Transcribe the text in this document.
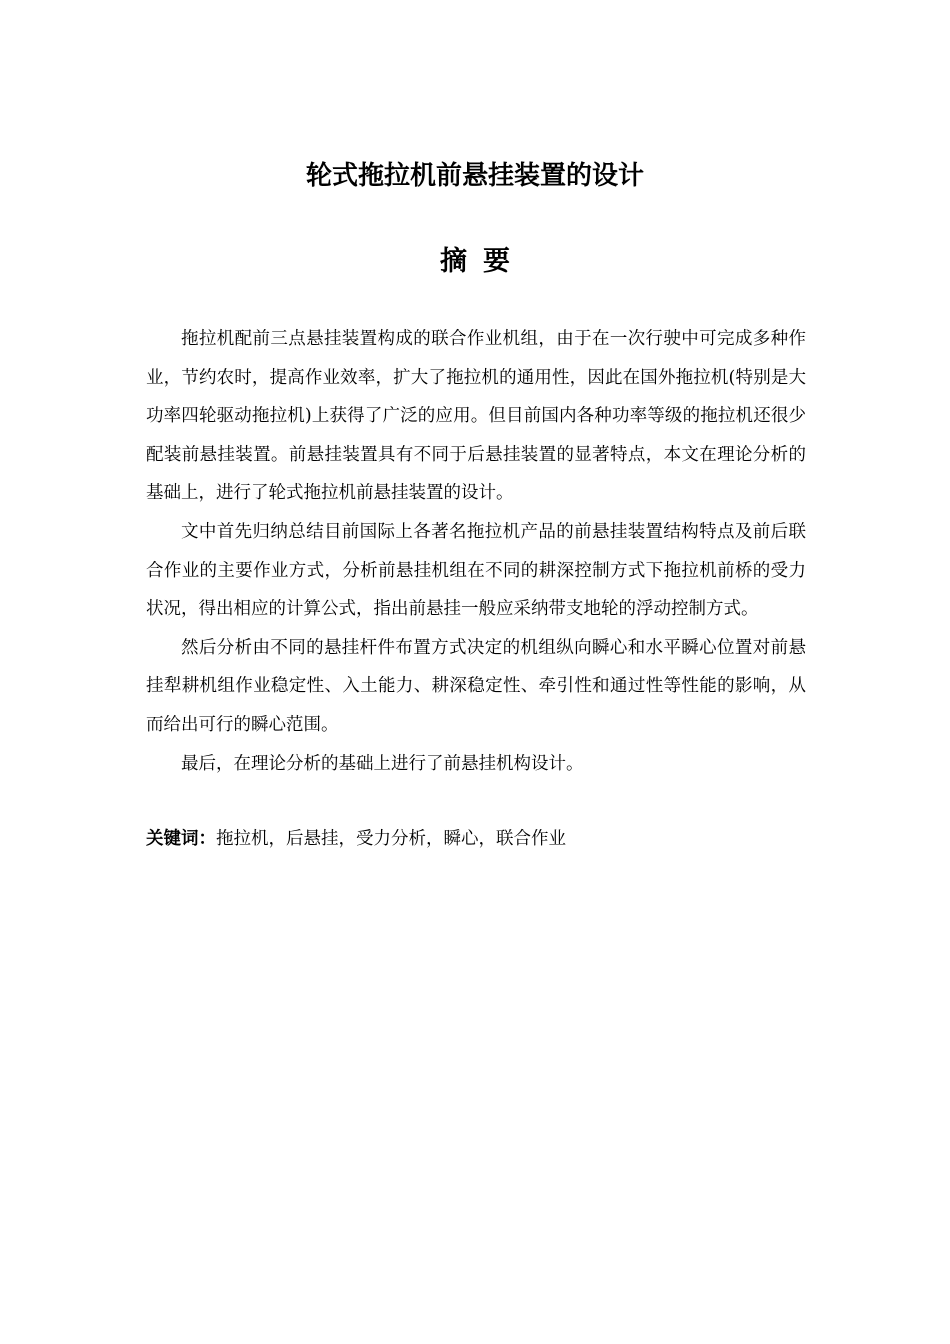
轮式拖拉机前悬挂装置的设计
摘要

拖拉机配前三点悬挂装置构成的联合作业机组，由于在一次行驶中可完成多种作业，节约农时，提高作业效率，扩大了拖拉机的通用性，因此在国外拖拉机(特别是大功率四轮驱动拖拉机)上获得了广泛的应用。但目前国内各种功率等级的拖拉机还很少配装前悬挂装置。前悬挂装置具有不同于后悬挂装置的显著特点，本文在理论分析的基础上，进行了轮式拖拉机前悬挂装置的设计。

文中首先归纳总结目前国际上各著名拖拉机产品的前悬挂装置结构特点及前后联合作业的主要作业方式，分析前悬挂机组在不同的耕深控制方式下拖拉机前桥的受力状况，得出相应的计算公式，指出前悬挂一般应采纳带支地轮的浮动控制方式。

然后分析由不同的悬挂杆件布置方式决定的机组纵向瞬心和水平瞬心位置对前悬挂犁耕机组作业稳定性、入土能力、耕深稳定性、牵引性和通过性等性能的影响，从而给出可行的瞬心范围。

最后，在理论分析的基础上进行了前悬挂机构设计。

关键词：拖拉机，后悬挂，受力分析，瞬心，联合作业
